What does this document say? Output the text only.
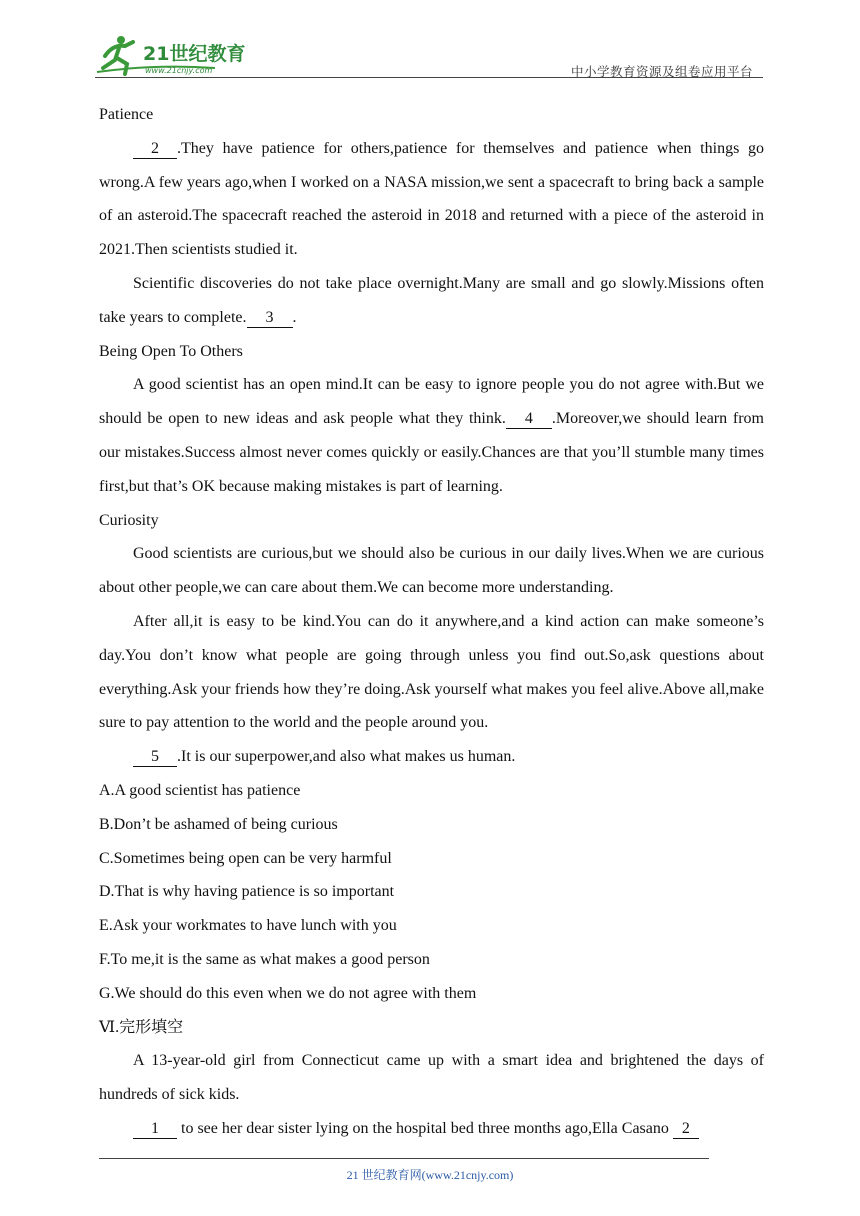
21世纪教育
www.21cnjy.com	中小学教育资源及组卷应用平台

Patience

2 .They have patience for others,patience for themselves and patience when things go wrong.A few years ago,when I worked on a NASA mission,we sent a spacecraft to bring back a sample of an asteroid.The spacecraft reached the asteroid in 2018 and returned with a piece of the asteroid in 2021.Then scientists studied it.

Scientific discoveries do not take place overnight.Many are small and go slowly.Missions often take years to complete. 3 .

Being Open To Others

A good scientist has an open mind.It can be easy to ignore people you do not agree with.But we should be open to new ideas and ask people what they think. 4 .Moreover,we should learn from our mistakes.Success almost never comes quickly or easily.Chances are that you’ll stumble many times first,but that’s OK because making mistakes is part of learning.

Curiosity

Good scientists are curious,but we should also be curious in our daily lives.When we are curious about other people,we can care about them.We can become more understanding.

After all,it is easy to be kind.You can do it anywhere,and a kind action can make someone’s day.You don’t know what people are going through unless you find out.So,ask questions about everything.Ask your friends how they’re doing.Ask yourself what makes you feel alive.Above all,make sure to pay attention to the world and the people around you.

5 .It is our superpower,and also what makes us human.

A.A good scientist has patience

B.Don’t be ashamed of being curious

C.Sometimes being open can be very harmful

D.That is why having patience is so important

E.Ask your workmates to have lunch with you

F.To me,it is the same as what makes a good person

G.We should do this even when we do not agree with them

Ⅵ.完形填空

A 13-year-old girl from Connecticut came up with a smart idea and brightened the days of hundreds of sick kids.

1 to see her dear sister lying on the hospital bed three months ago,Ella Casano 2

21 世纪教育网(www.21cnjy.com)
